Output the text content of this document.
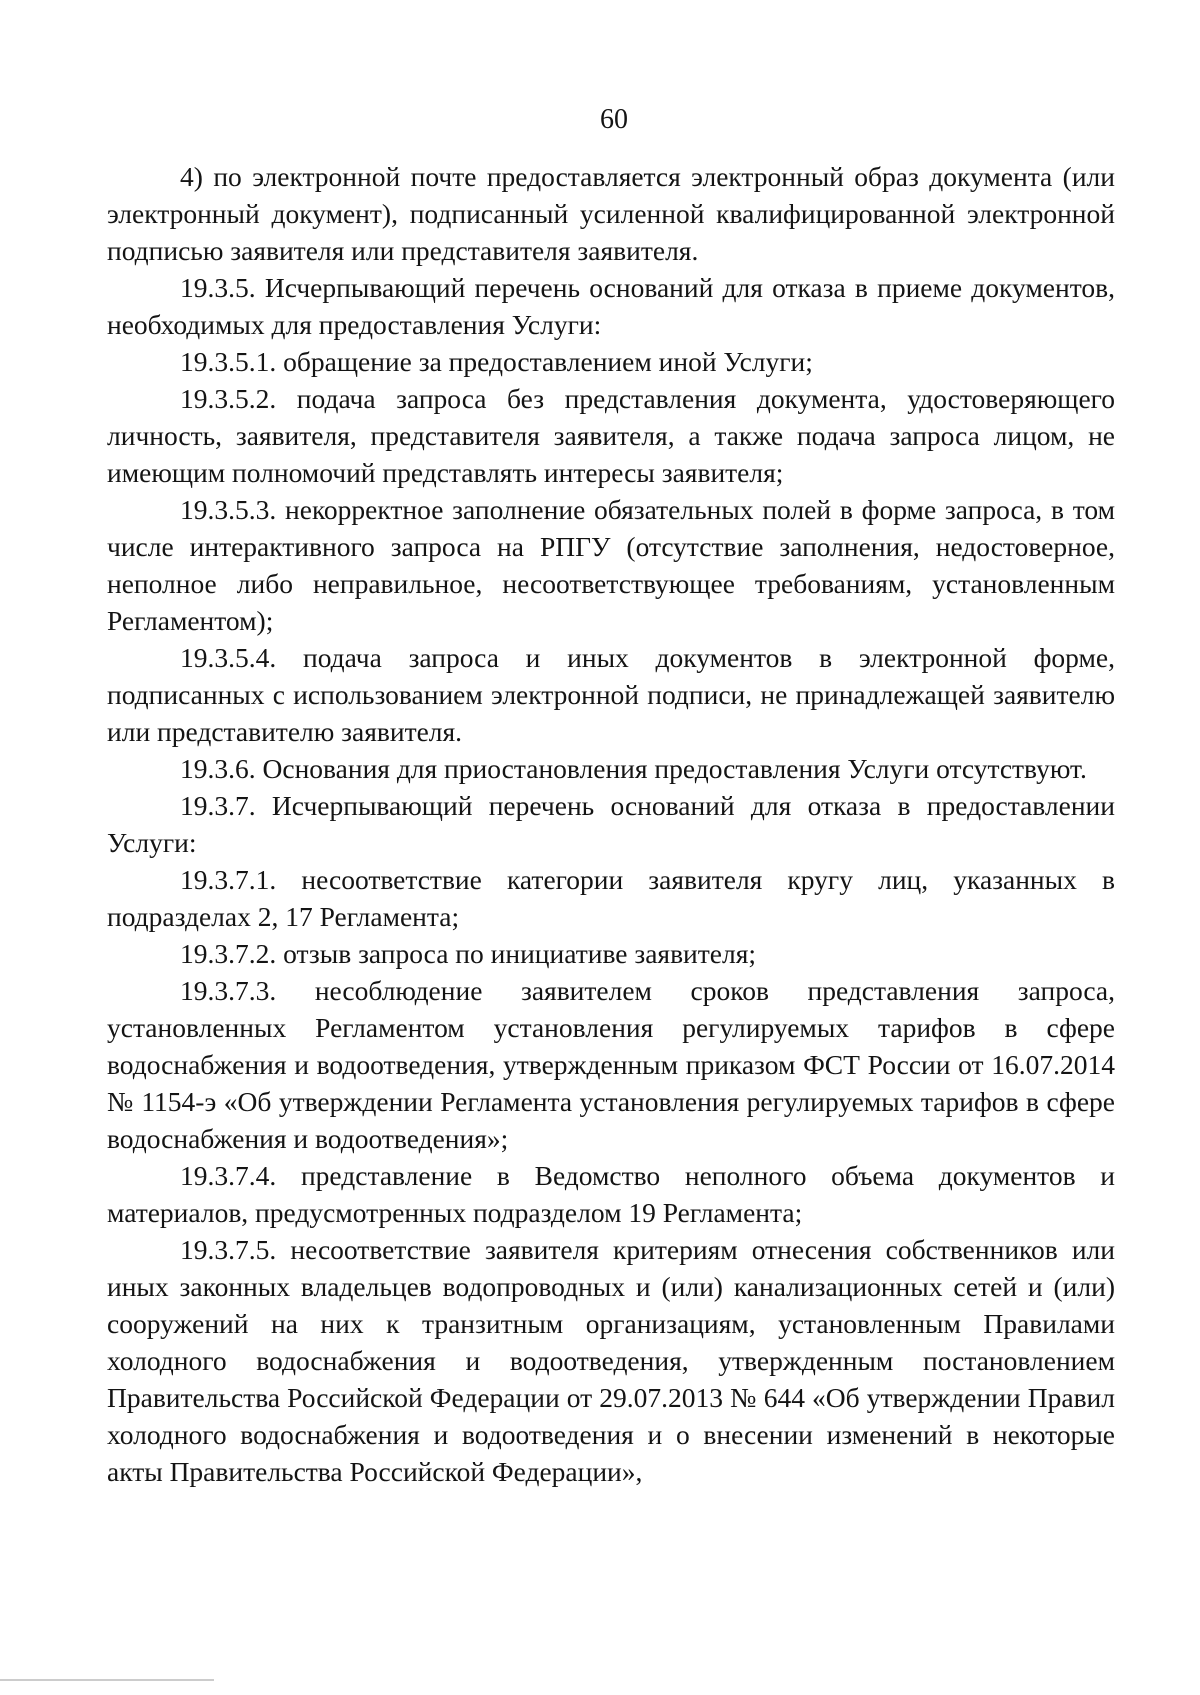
60

4) по электронной почте предоставляется электронный образ документа (или электронный документ), подписанный усиленной квалифицированной электронной подписью заявителя или представителя заявителя.

19.3.5. Исчерпывающий перечень оснований для отказа в приеме документов, необходимых для предоставления Услуги:

19.3.5.1. обращение за предоставлением иной Услуги;

19.3.5.2. подача запроса без представления документа, удостоверяющего личность, заявителя, представителя заявителя, а также подача запроса лицом, не имеющим полномочий представлять интересы заявителя;

19.3.5.3. некорректное заполнение обязательных полей в форме запроса, в том числе интерактивного запроса на РПГУ (отсутствие заполнения, недостоверное, неполное либо неправильное, несоответствующее требованиям, установленным Регламентом);

19.3.5.4. подача запроса и иных документов в электронной форме, подписанных с использованием электронной подписи, не принадлежащей заявителю или представителю заявителя.

19.3.6. Основания для приостановления предоставления Услуги отсутствуют.

19.3.7. Исчерпывающий перечень оснований для отказа в предоставлении Услуги:

19.3.7.1. несоответствие категории заявителя кругу лиц, указанных в подразделах 2, 17 Регламента;

19.3.7.2. отзыв запроса по инициативе заявителя;

19.3.7.3. несоблюдение заявителем сроков представления запроса, установленных Регламентом установления регулируемых тарифов в сфере водоснабжения и водоотведения, утвержденным приказом ФСТ России от 16.07.2014 № 1154-э «Об утверждении Регламента установления регулируемых тарифов в сфере водоснабжения и водоотведения»;

19.3.7.4. представление в Ведомство неполного объема документов и материалов, предусмотренных подразделом 19 Регламента;

19.3.7.5. несоответствие заявителя критериям отнесения собственников или иных законных владельцев водопроводных и (или) канализационных сетей и (или) сооружений на них к транзитным организациям, установленным Правилами холодного водоснабжения и водоотведения, утвержденным постановлением Правительства Российской Федерации от 29.07.2013 № 644 «Об утверждении Правил холодного водоснабжения и водоотведения и о внесении изменений в некоторые акты Правительства Российской Федерации»,
